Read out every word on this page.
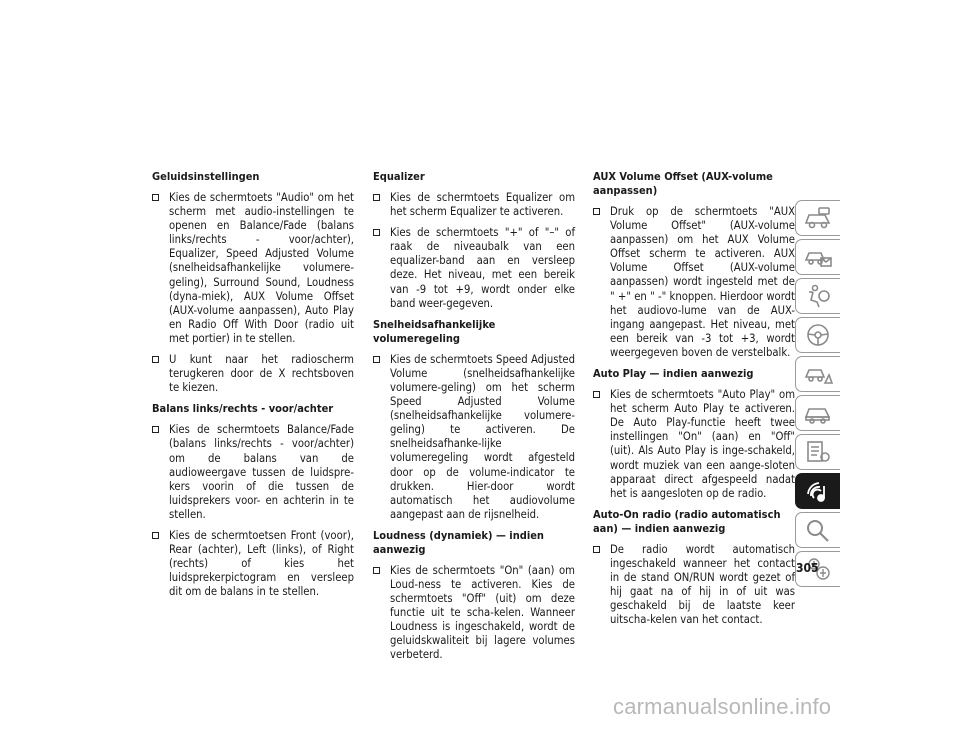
Geluidsinstellingen
Kies de schermtoets "Audio" om het scherm met audio-instellingen te openen en Balance/Fade (balans links/rechts - voor/achter), Equalizer, Speed Adjusted Volume (snelheidsafhankelijke volumere-geling), Surround Sound, Loudness (dyna-miek), AUX Volume Offset (AUX-volume aanpassen), Auto Play en Radio Off With Door (radio uit met portier) in te stellen.
U kunt naar het radioscherm terugkeren door de X rechtsboven te kiezen.
Balans links/rechts - voor/achter
Kies de schermtoets Balance/Fade (balans links/rechts - voor/achter) om de balans van de audioweergave tussen de luidspre-kers voorin of die tussen de luidsprekers voor- en achterin in te stellen.
Kies de schermtoetsen Front (voor), Rear (achter), Left (links), of Right (rechts) of kies het luidsprekerpictogram en versleep dit om de balans in te stellen.
Equalizer
Kies de schermtoets Equalizer om het scherm Equalizer te activeren.
Kies de schermtoets "+" of "–" of raak de niveaubalk van een equalizer-band aan en versleep deze. Het niveau, met een bereik van -9 tot +9, wordt onder elke band weer-gegeven.
Snelheidsafhankelijke volumeregeling
Kies de schermtoets Speed Adjusted Volume (snelheidsafhankelijke volumere-geling) om het scherm Speed Adjusted Volume (snelheidsafhankelijke volumere-geling) te activeren. De snelheidsafhanke-lijke volumeregeling wordt afgesteld door op de volume-indicator te drukken. Hier-door wordt automatisch het audiovolume aangepast aan de rijsnelheid.
Loudness (dynamiek) — indien aanwezig
Kies de schermtoets "On" (aan) om Loud-ness te activeren. Kies de schermtoets "Off" (uit) om deze functie uit te scha-kelen. Wanneer Loudness is ingeschakeld, wordt de geluidskwaliteit bij lagere volumes verbeterd.
AUX Volume Offset (AUX-volume aanpassen)
Druk op de schermtoets "AUX Volume Offset" (AUX-volume aanpassen) om het AUX Volume Offset scherm te activeren. AUX Volume Offset (AUX-volume aanpassen) wordt ingesteld met de " +" en " -" knoppen. Hierdoor wordt het audiovo-lume van de AUX-ingang aangepast. Het niveau, met een bereik van -3 tot +3, wordt weergegeven boven de verstelbalk.
Auto Play — indien aanwezig
Kies de schermtoets "Auto Play" om het scherm Auto Play te activeren. De Auto Play-functie heeft twee instellingen "On" (aan) en "Off" (uit). Als Auto Play is inge-schakeld, wordt muziek van een aange-sloten apparaat direct afgespeeld nadat het is aangesloten op de radio.
Auto-On radio (radio automatisch aan) — indien aanwezig
De radio wordt automatisch ingeschakeld wanneer het contact in de stand ON/RUN wordt gezet of hij gaat na of hij in of uit was geschakeld bij de laatste keer uitscha-kelen van het contact.
305
carmanualsonline.info
